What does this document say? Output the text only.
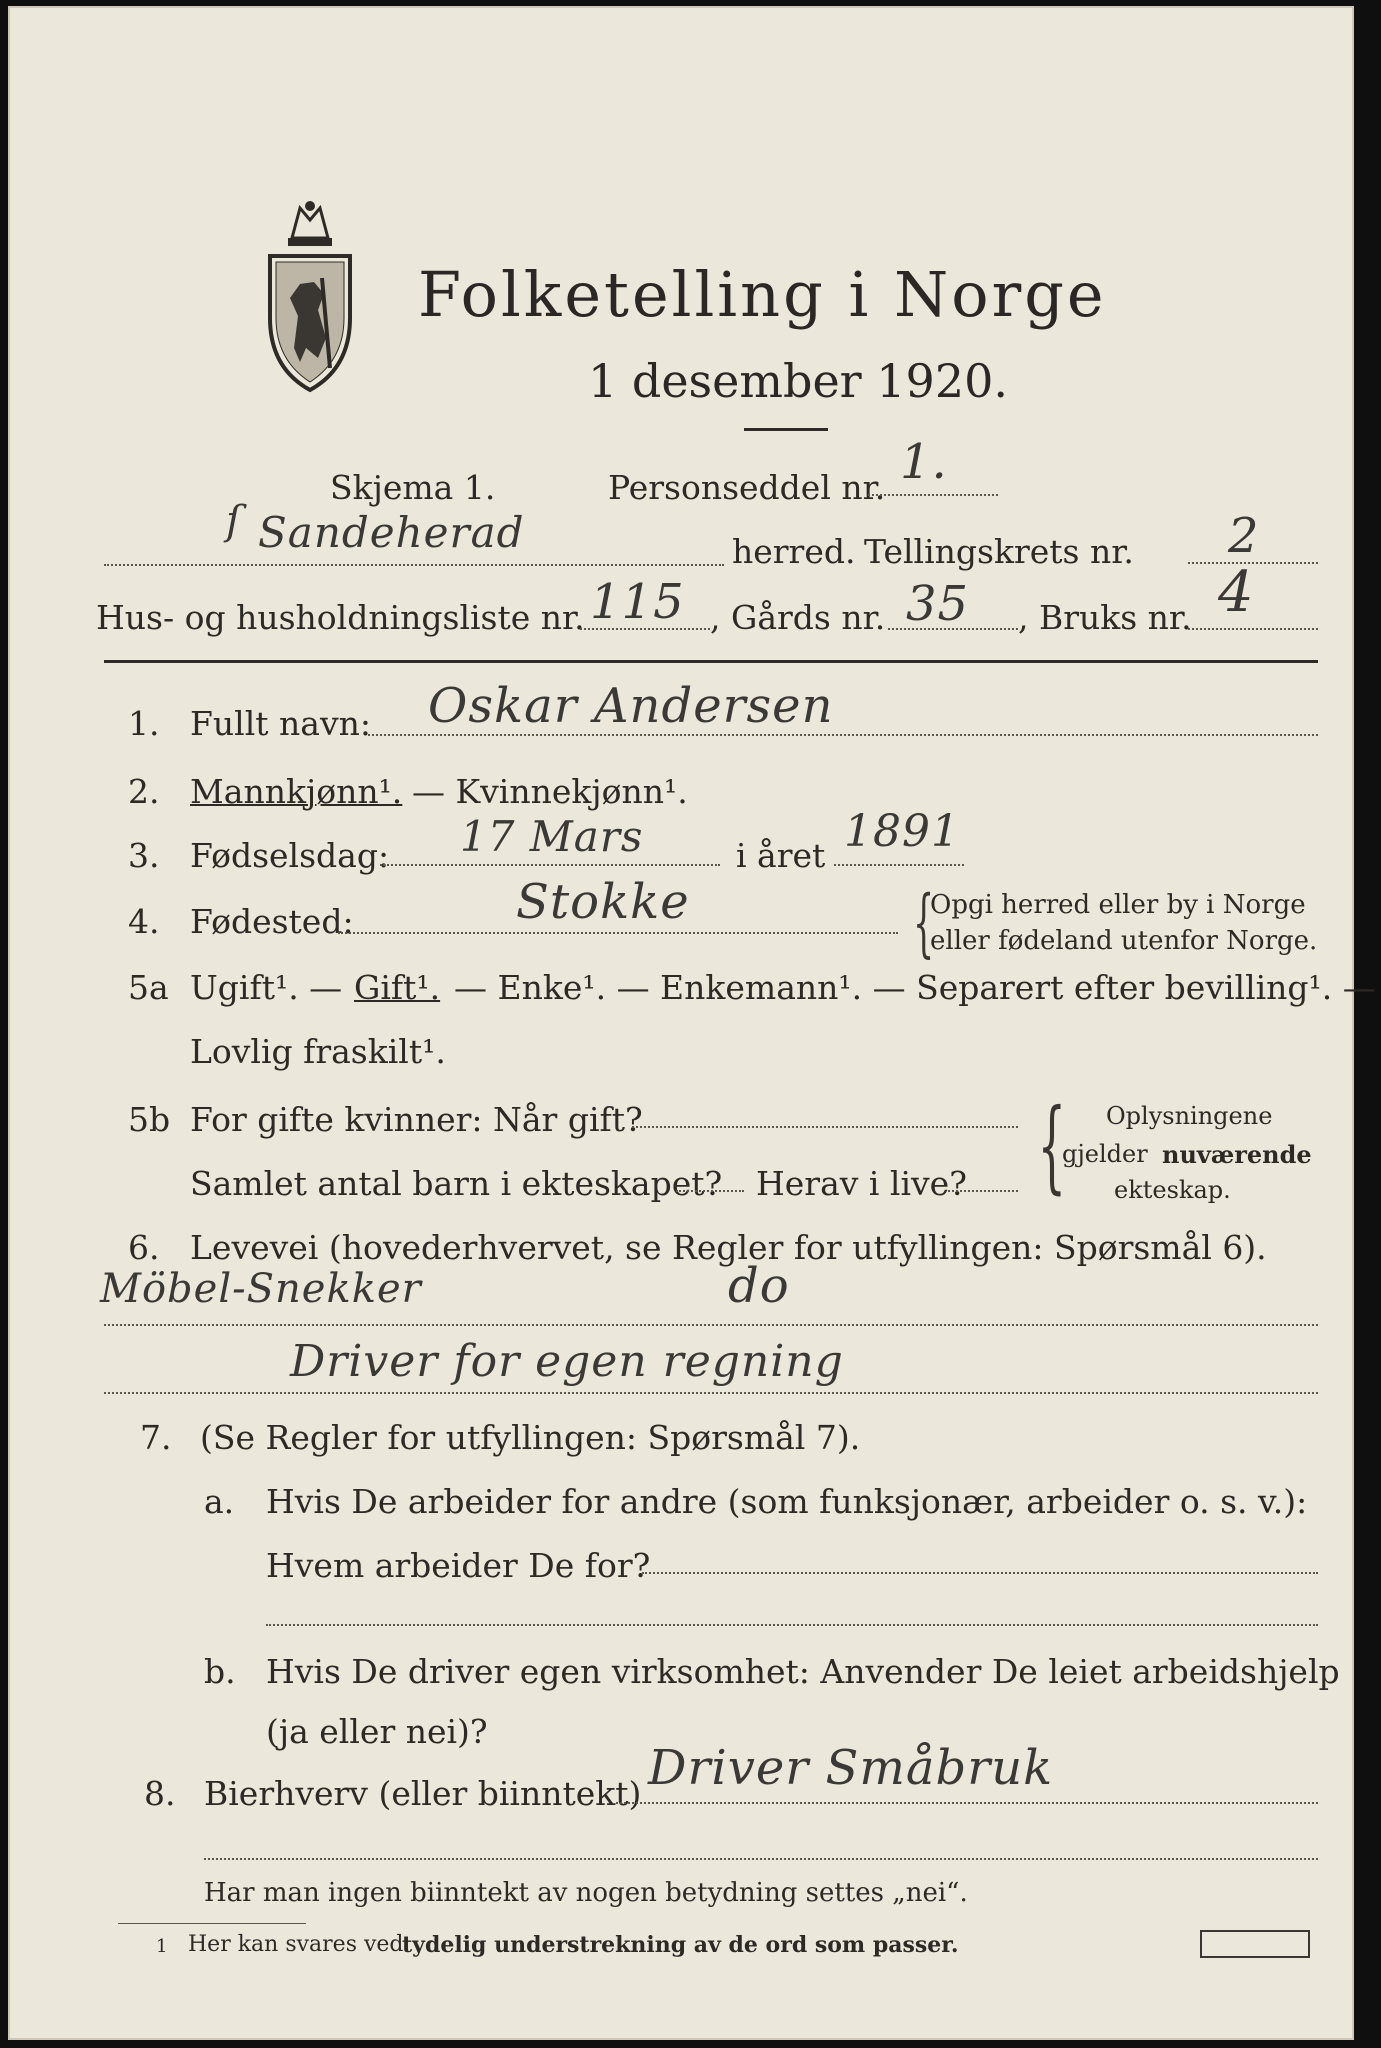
Folketelling i Norge
1 desember 1920.
ſ
Skjema 1.	Personseddel nr. 1.
Sandeherad	herred. Tellingskrets nr. 2
Hus- og husholdningsliste nr. 115 , Gårds nr. 35 , Bruks nr. 4
1. Fullt navn: Oskar Andersen
2. Mannkjønn¹. — Kvinnekjønn¹.
3. Fødselsdag: 17 Mars	i året 1891
4. Fødested:	Stokke	{
Opgi herred eller by i Norge
eller fødeland utenfor Norge.
5a Ugift¹. — Gift¹. — Enke¹. — Enkemann¹. — Separert efter bevilling¹. —
Lovlig fraskilt¹.
5b For gifte kvinner: Når gift?
Samlet antal barn i ekteskapet? Herav i live? { Oplysningene
gjelder nuværende
ekteskap.
6. Levevei (hovederhvervet, se Regler for utfyllingen: Spørsmål 6).
Möbel-Snekker	do
Driver for egen regning
7. (Se Regler for utfyllingen: Spørsmål 7).
a. Hvis De arbeider for andre (som funksjonær, arbeider o. s. v.):
Hvem arbeider De for?
b. Hvis De driver egen virksomhet: Anvender De leiet arbeidshjelp
(ja eller nei)?
8. Bierhverv (eller biinntekt) Driver Småbruk
Har man ingen biinntekt av nogen betydning settes „nei“.
1 Her kan svares ved
tydelig understrekning av de ord som passer.
